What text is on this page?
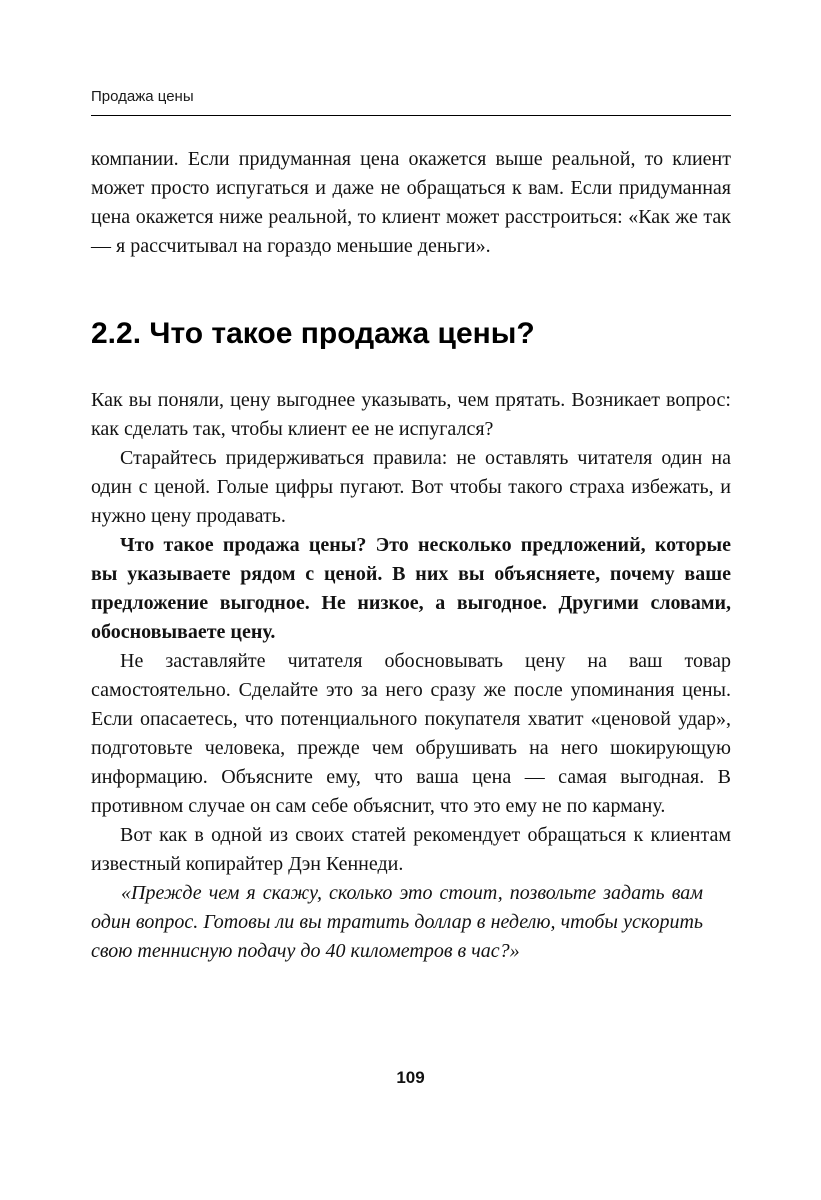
Продажа цены

компании. Если придуманная цена окажется выше реальной, то клиент может просто испугаться и даже не обращаться к вам. Если придуманная цена окажется ниже реальной, то клиент может расстроиться: «Как же так — я рассчитывал на гораздо меньшие деньги».

2.2. Что такое продажа цены?

Как вы поняли, цену выгоднее указывать, чем прятать. Возникает вопрос: как сделать так, чтобы клиент ее не испугался?

Старайтесь придерживаться правила: не оставлять читателя один на один с ценой. Голые цифры пугают. Вот чтобы такого страха избежать, и нужно цену продавать.

Что такое продажа цены? Это несколько предложений, которые вы указываете рядом с ценой. В них вы объясняете, почему ваше предложение выгодное. Не низкое, а выгодное. Другими словами, обосновываете цену.

Не заставляйте читателя обосновывать цену на ваш товар самостоятельно. Сделайте это за него сразу же после упоминания цены. Если опасаетесь, что потенциального покупателя хватит «ценовой удар», подготовьте человека, прежде чем обрушивать на него шокирующую информацию. Объясните ему, что ваша цена — самая выгодная. В противном случае он сам себе объяснит, что это ему не по карману.

Вот как в одной из своих статей рекомендует обращаться к клиентам известный копирайтер Дэн Кеннеди.

«Прежде чем я скажу, сколько это стоит, позвольте задать вам один вопрос. Готовы ли вы тратить доллар в неделю, чтобы ускорить свою теннисную подачу до 40 километров в час?»

109
